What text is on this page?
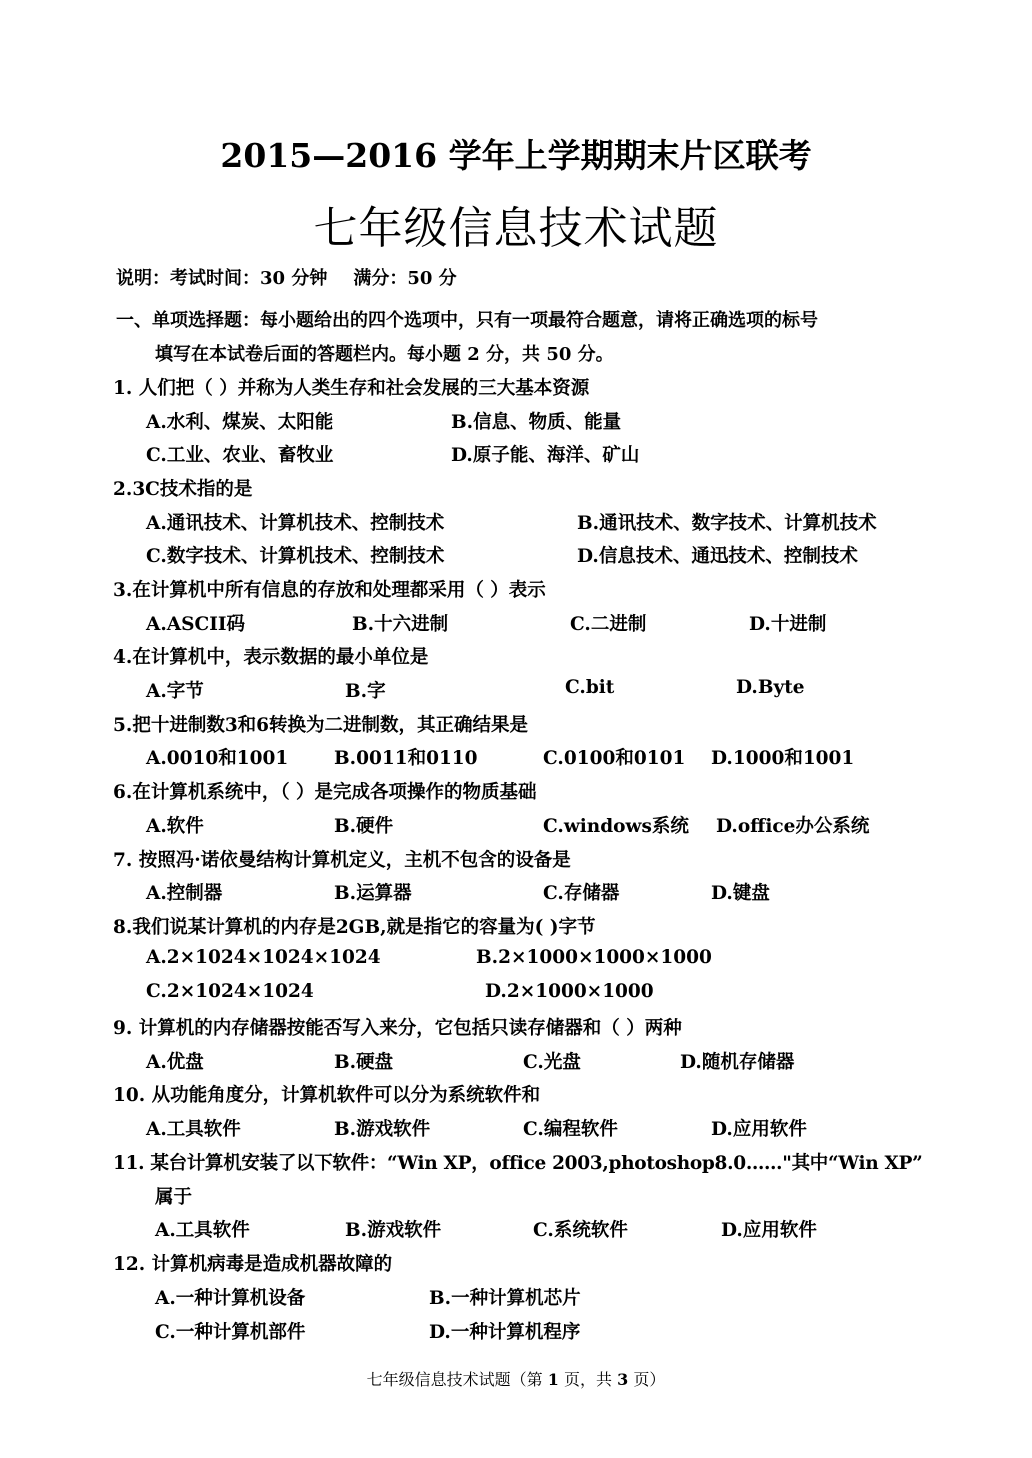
2015—2016 学年上学期期末片区联考
七年级信息技术试题
说明：考试时间：30 分钟 满分：50 分
一、单项选择题：每小题给出的四个选项中，只有一项最符合题意，请将正确选项的标号
填写在本试卷后面的答题栏内。每小题 2 分，共 50 分。
1. 人们把（ ）并称为人类生存和社会发展的三大基本资源
A.水利、煤炭、太阳能	B.信息、物质、能量
C.工业、农业、畜牧业	D.原子能、海洋、矿山
2.3C技术指的是
A.通讯技术、计算机技术、控制技术	B.通讯技术、数字技术、计算机技术
C.数字技术、计算机技术、控制技术	D.信息技术、通迅技术、控制技术
3.在计算机中所有信息的存放和处理都采用（ ）表示
A.ASCII码	B.十六进制	C.二进制	D.十进制
4.在计算机中，表示数据的最小单位是
A.字节	B.字	C.bit	D.Byte
5.把十进制数3和6转换为二进制数，其正确结果是
A.0010和1001 B.0011和0110	C.0100和0101 D.1000和1001
6.在计算机系统中，（ ）是完成各项操作的物质基础
A.软件	B.硬件	C.windows系统 D.office办公系统
7. 按照冯·诺依曼结构计算机定义，主机不包含的设备是
A.控制器	B.运算器	C.存储器	D.键盘
8.我们说某计算机的内存是2GB,就是指它的容量为( )字节
A.2×1024×1024×1024	B.2×1000×1000×1000
C.2×1024×1024	D.2×1000×1000
9. 计算机的内存储器按能否写入来分，它包括只读存储器和（ ）两种
A.优盘	B.硬盘	C.光盘	D.随机存储器
10. 从功能角度分，计算机软件可以分为系统软件和
A.工具软件	B.游戏软件	C.编程软件	D.应用软件
11. 某台计算机安装了以下软件：“Win XP，office 2003,photoshop8.0……"其中“Win XP”
属于
A.工具软件	B.游戏软件	C.系统软件	D.应用软件
12. 计算机病毒是造成机器故障的
A.一种计算机设备	B.一种计算机芯片
C.一种计算机部件	D.一种计算机程序
七年级信息技术试题（第 1 页，共 3 页）
